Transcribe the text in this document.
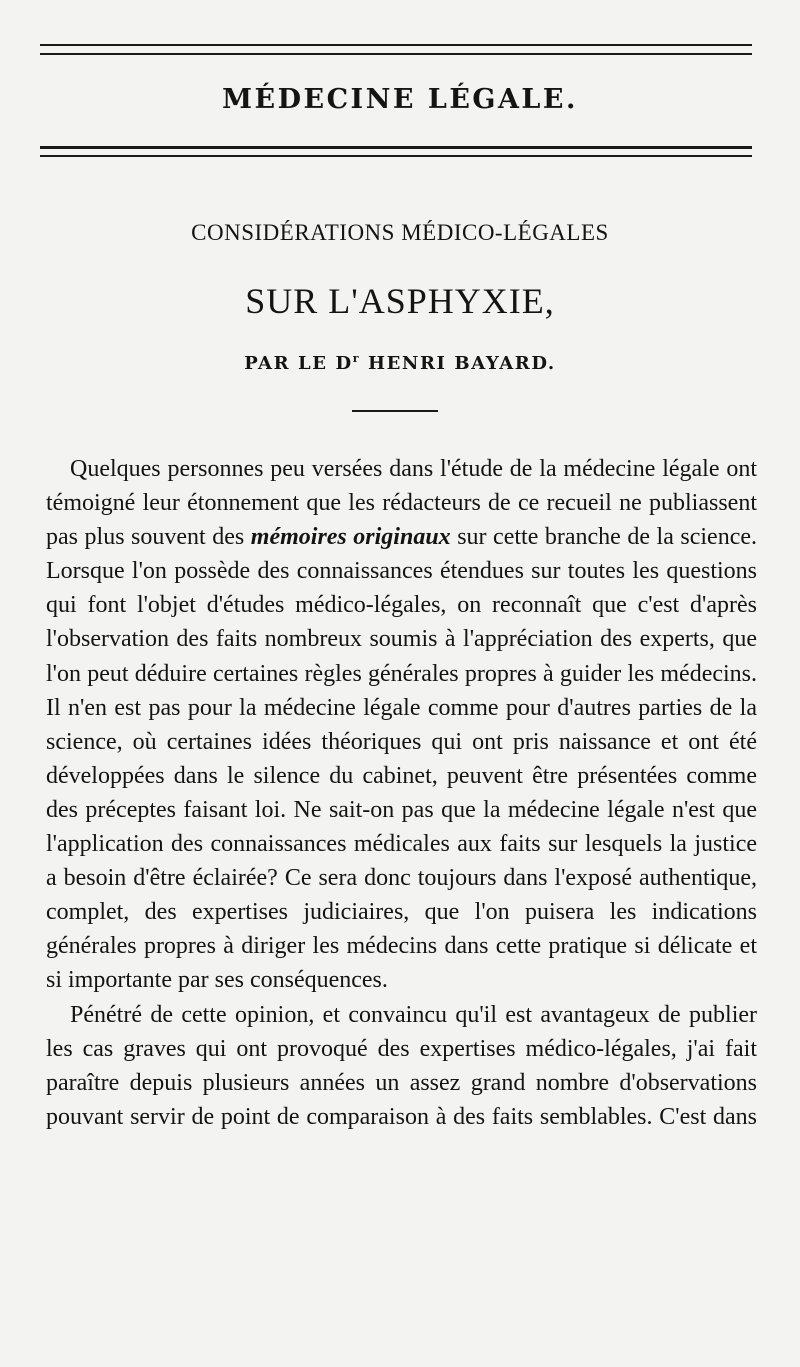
MÉDECINE LÉGALE.
CONSIDÉRATIONS MÉDICO-LÉGALES
SUR L'ASPHYXIE,
PAR LE $D^r$ HENRI BAYARD.

Quelques personnes peu versées dans l'étude de la médecine légale ont témoigné leur étonnement que les rédacteurs de ce recueil ne publiassent pas plus souvent des mémoires originaux sur cette branche de la science. Lorsque l'on possède des connaissances étendues sur toutes les questions qui font l'objet d'études médico-légales, on reconnaît que c'est d'après l'observation des faits nombreux soumis à l'appréciation des experts, que l'on peut déduire certaines règles générales propres à guider les médecins. Il n'en est pas pour la médecine légale comme pour d'autres parties de la science, où certaines idées théoriques qui ont pris naissance et ont été développées dans le silence du cabinet, peuvent être présentées comme des préceptes faisant loi. Ne sait-on pas que la médecine légale n'est que l'application des connaissances médicales aux faits sur lesquels la justice a besoin d'être éclairée? Ce sera donc toujours dans l'exposé authentique, complet, des expertises judiciaires, que l'on puisera les indications générales propres à diriger les médecins dans cette pratique si délicate et si importante par ses conséquences.

Pénétré de cette opinion, et convaincu qu'il est avantageux de publier les cas graves qui ont provoqué des expertises médico-légales, j'ai fait paraître depuis plusieurs années un assez grand nombre d'observations pouvant servir de point de comparaison à des faits semblables. C'est dans
